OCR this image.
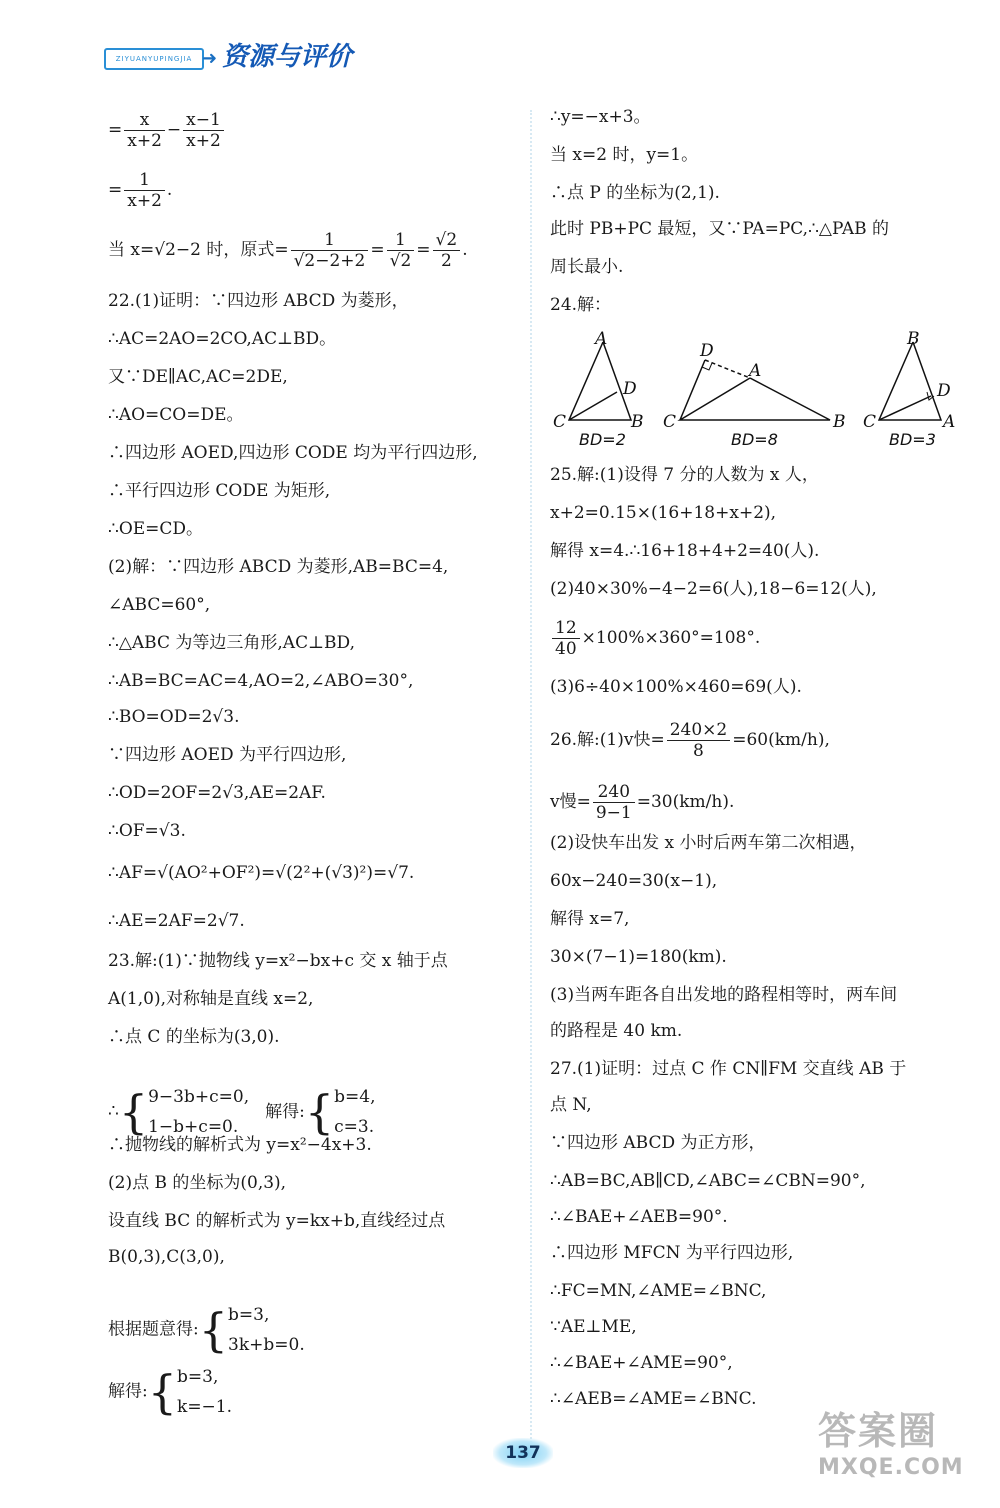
ZIYUANYUPINGJIA ➜ 资源与评价
= $\frac{x}{x+2} - \frac{x-1}{x+2}$
= $\frac{1}{x+2}$ .
当 x=√2−2 时，原式= $\frac{1}{√2-2+2} = \frac{1}{√2} = \frac{√2}{2}$ .
22.(1)证明：∵四边形 ABCD 为菱形，
∴AC=2AO=2CO,AC⊥BD。
又∵DE∥AC,AC=2DE,
∴AO=CO=DE。
∴四边形 AOED,四边形 CODE 均为平行四边形,
∴平行四边形 CODE 为矩形,
∴OE=CD。
(2)解：∵四边形 ABCD 为菱形,AB=BC=4,
∠ABC=60°,
∴△ABC 为等边三角形,AC⊥BD,
∴AB=BC=AC=4,AO=2,∠ABO=30°,
∴BO=OD=2√3.
∵四边形 AOED 为平行四边形,
∴OD=2OF=2√3,AE=2AF.
∴OF=√3.
∴AF=√(AO²+OF²)=√(2²+(√3)²)=√7.
∴AE=2AF=2√7.
23.解:(1)∵抛物线 y=x²−bx+c 交 x 轴于点
A(1,0),对称轴是直线 x=2,
∴点 C 的坐标为(3,0).
∴{ 9−3b+c=0,
1−b+c=0.
解得:{ b=4,
c=3.
∴抛物线的解析式为 y=x²−4x+3.
(2)点 B 的坐标为(0,3),
设直线 BC 的解析式为 y=kx+b,直线经过点
B(0,3),C(3,0),
根据题意得:{ b=3,
3k+b=0.
解得:{ b=3,
k=−1.
∴y=−x+3。
当 x=2 时，y=1。
∴点 P 的坐标为(2,1).
此时 PB+PC 最短，又∵PA=PC,∴△PAB 的
周长最小.
24.解：
25.解:(1)设得 7 分的人数为 x 人，
x+2=0.15×(16+18+x+2),
解得 x=4.∴16+18+4+2=40(人).
(2)40×30%−4−2=6(人),18−6=12(人),
$\frac{12}{40} \times 100\%\times 360^\circ=108^\circ$.
(3)6÷40×100%×460=69(人).
26.解:(1)v快= $\frac{240\times 2}{8} =60(km/h)$,
v慢= $\frac{240}{9-1} =30(km/h)$.
(2)设快车出发 x 小时后两车第二次相遇，
60x−240=30(x−1),
解得 x=7,
30×(7−1)=180(km).
(3)当两车距各自出发地的路程相等时，两车间
的路程是 40 km.
27.(1)证明：过点 C 作 CN∥FM 交直线 AB 于
点 N,
∵四边形 ABCD 为正方形，
∴AB=BC,AB∥CD,∠ABC=∠CBN=90°,
∴∠BAE+∠AEB=90°.
∴四边形 MFCN 为平行四边形,
∴FC=MN,∠AME=∠BNC,
∵AE⊥ME,
∴∠BAE+∠AME=90°,
∴∠AEB=∠AME=∠BNC.
A
D
C	B
BD=2
D
A
C	B
BD=8
B
D
C	A
BD=3
137	答案圈
MXQE.COM
